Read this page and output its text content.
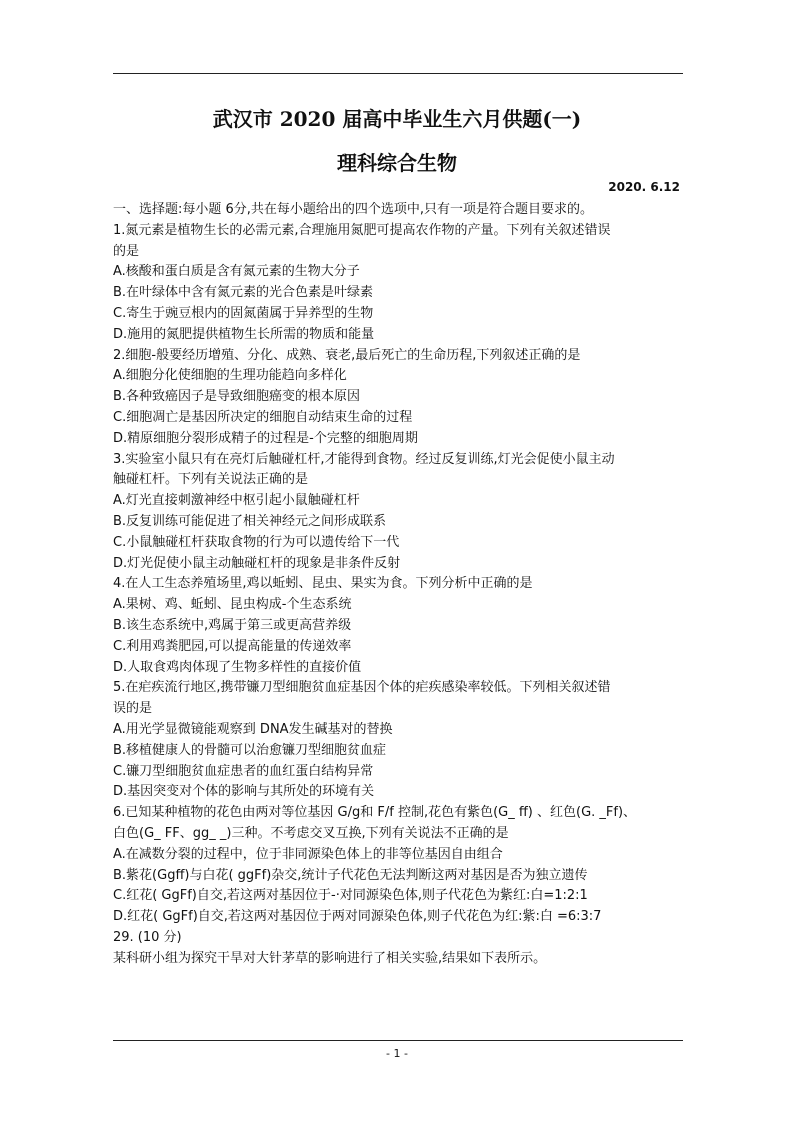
武汉市 2020 届高中毕业生六月供题(一)
理科综合生物
2020. 6.12
一、选择题:每小题 6分,共在每小题给出的四个选项中,只有一项是符合题目要求的。
1.氮元素是植物生长的必需元素,合理施用氮肥可提高农作物的产量。下列有关叙述错误
的是
A.核酸和蛋白质是含有氮元素的生物大分子
B.在叶绿体中含有氮元素的光合色素是叶绿素
C.寄生于豌豆根内的固氮菌属于异养型的生物
D.施用的氮肥提供植物生长所需的物质和能量
2.细胞-般要经历增殖、分化、成熟、衰老,最后死亡的生命历程,下列叙述正确的是
A.细胞分化使细胞的生理功能趋向多样化
B.各种致癌因子是导致细胞癌变的根本原因
C.细胞凋亡是基因所决定的细胞自动结束生命的过程
D.精原细胞分裂形成精子的过程是-个完整的细胞周期
3.实验室小鼠只有在亮灯后触碰杠杆,才能得到食物。经过反复训练,灯光会促使小鼠主动
触碰杠杆。下列有关说法正确的是
A.灯光直接刺激神经中枢引起小鼠触碰杠杆
B.反复训练可能促进了相关神经元之间形成联系
C.小鼠触碰杠杆获取食物的行为可以遗传给下一代
D.灯光促使小鼠主动触碰杠杆的现象是非条件反射
4.在人工生态养殖场里,鸡以蚯蚓、昆虫、果实为食。下列分析中正确的是
A.果树、鸡、蚯蚓、昆虫构成-个生态系统
B.该生态系统中,鸡属于第三或更高营养级
C.利用鸡粪肥园,可以提高能量的传递效率
D.人取食鸡肉体现了生物多样性的直接价值
5.在疟疾流行地区,携带镰刀型细胞贫血症基因个体的疟疾感染率较低。下列相关叙述错
误的是
A.用光学显微镜能观察到 DNA发生碱基对的替换
B.移植健康人的骨髓可以治愈镰刀型细胞贫血症
C.镰刀型细胞贫血症患者的血红蛋白结构异常
D.基因突变对个体的影响与其所处的环境有关
6.已知某种植物的花色由两对等位基因 G/g和 F/f 控制,花色有紫色(G_ ff) 、红色(G. _Ff)、
白色(G_ FF、gg_ _)三种。不考虑交叉互换,下列有关说法不正确的是
A.在减数分裂的过程中，位于非同源染色体上的非等位基因自由组合
B.紫花(Ggff)与白花( ggFf)杂交,统计子代花色无法判断这两对基因是否为独立遗传
C.红花( GgFf)自交,若这两对基因位于-·对同源染色体,则子代花色为紫红:白=1:2:1
D.红花( GgFf)自交,若这两对基因位于两对同源染色体,则子代花色为红:紫:白 =6:3:7
29. (10 分)
某科研小组为探究干旱对大针茅草的影响进行了相关实验,结果如下表所示。
- 1 -
